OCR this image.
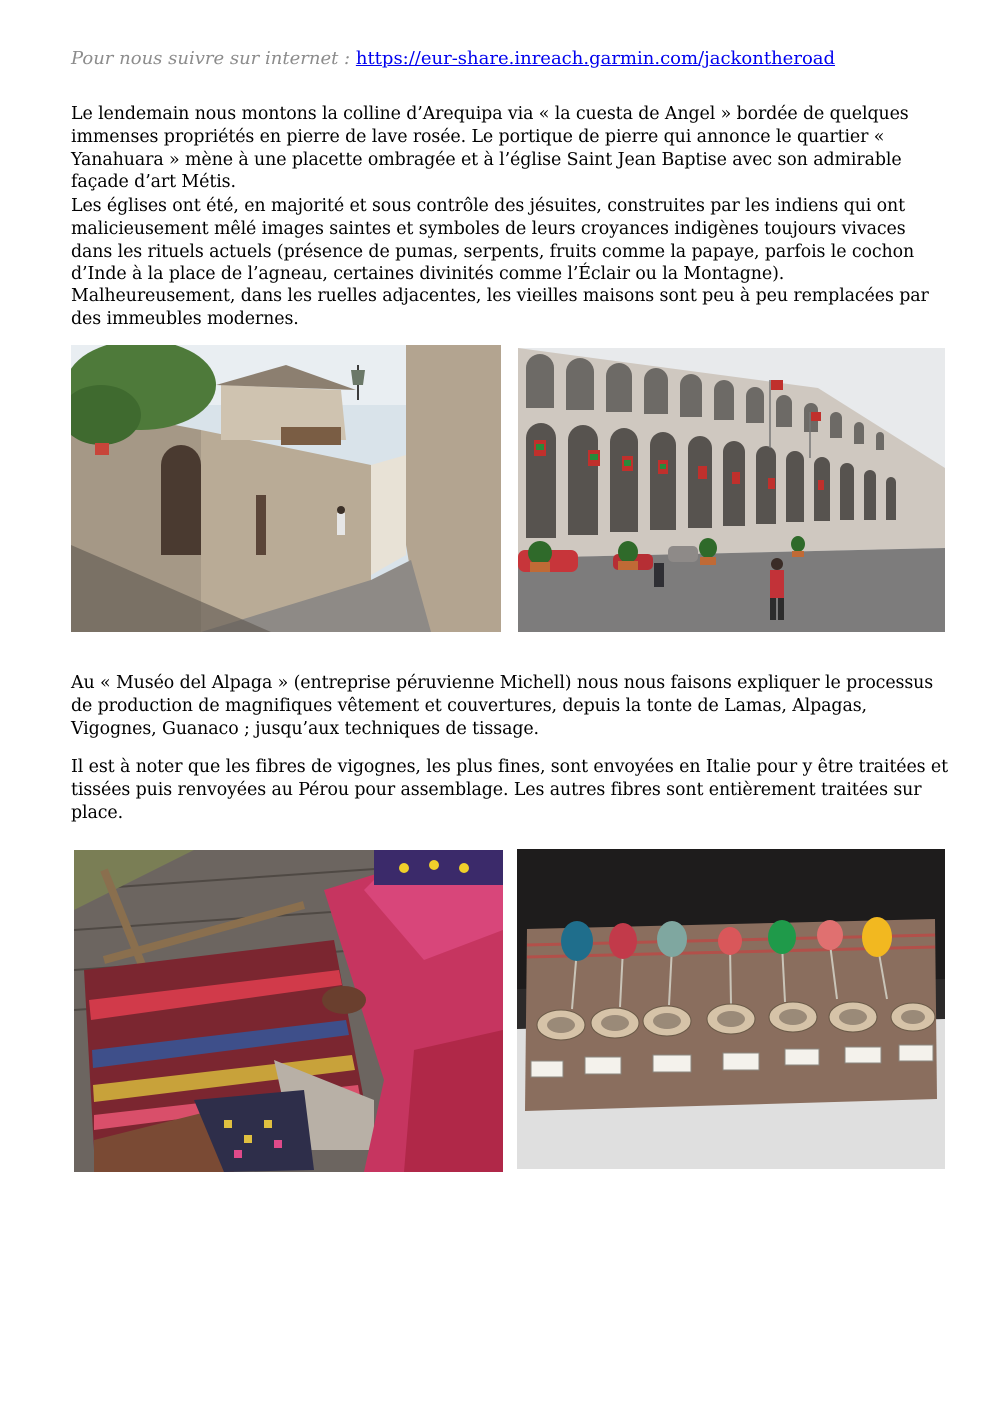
Pour nous suivre sur internet : https://eur-share.inreach.garmin.com/jackontheroad

Le lendemain nous montons la colline d’Arequipa via « la cuesta de Angel » bordée de quelques immenses propriétés en pierre de lave rosée. Le portique de pierre qui annonce le quartier « Yanahuara » mène à une placette ombragée et à l’église Saint Jean Baptise avec son admirable façade d’art Métis.

Les églises ont été, en majorité et sous contrôle des jésuites, construites par les indiens qui ont malicieusement mêlé images saintes et symboles de leurs croyances indigènes toujours vivaces dans les rituels actuels (présence de pumas, serpents, fruits comme la papaye, parfois le cochon d’Inde à la place de l’agneau, certaines divinités comme l’Éclair ou la Montagne).

Malheureusement, dans les ruelles adjacentes, les vieilles maisons sont peu à peu remplacées par des immeubles modernes.

Au « Muséo del Alpaga » (entreprise péruvienne Michell) nous nous faisons expliquer le processus de production de magnifiques vêtement et couvertures, depuis la tonte de Lamas, Alpagas, Vigognes, Guanaco ; jusqu’aux techniques de tissage.

Il est à noter que les fibres de vigognes, les plus fines, sont envoyées en Italie pour y être traitées et tissées puis renvoyées au Pérou pour assemblage. Les autres fibres sont entièrement traitées sur place.
